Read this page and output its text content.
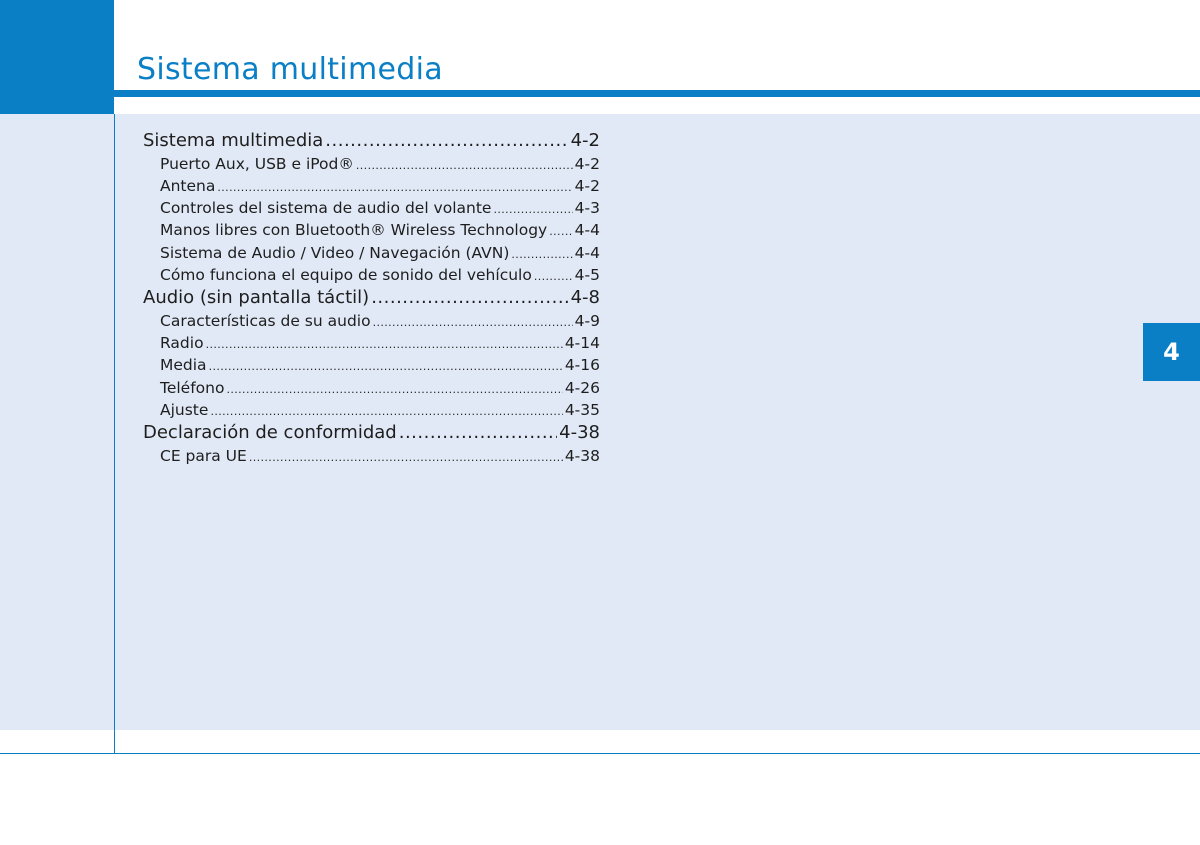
Sistema multimedia
4
Sistema multimedia .....	4-2
Puerto Aux, USB e iPod® .....	4-2
Antena .....	4-2
Controles del sistema de audio del volante .....	4-3
Manos libres con Bluetooth® Wireless Technology ..... 4-4
Sistema de Audio / Video / Navegación (AVN) .....	4-4
Cómo funciona el equipo de sonido del vehículo .....	4-5
Audio (sin pantalla táctil) .....	4-8
Características de su audio .....	4-9
Radio .....	4-14
Media .....	4-16
Teléfono .....	4-26
Ajuste .....	4-35
Declaración de conformidad .....	4-38
CE para UE .....	4-38
